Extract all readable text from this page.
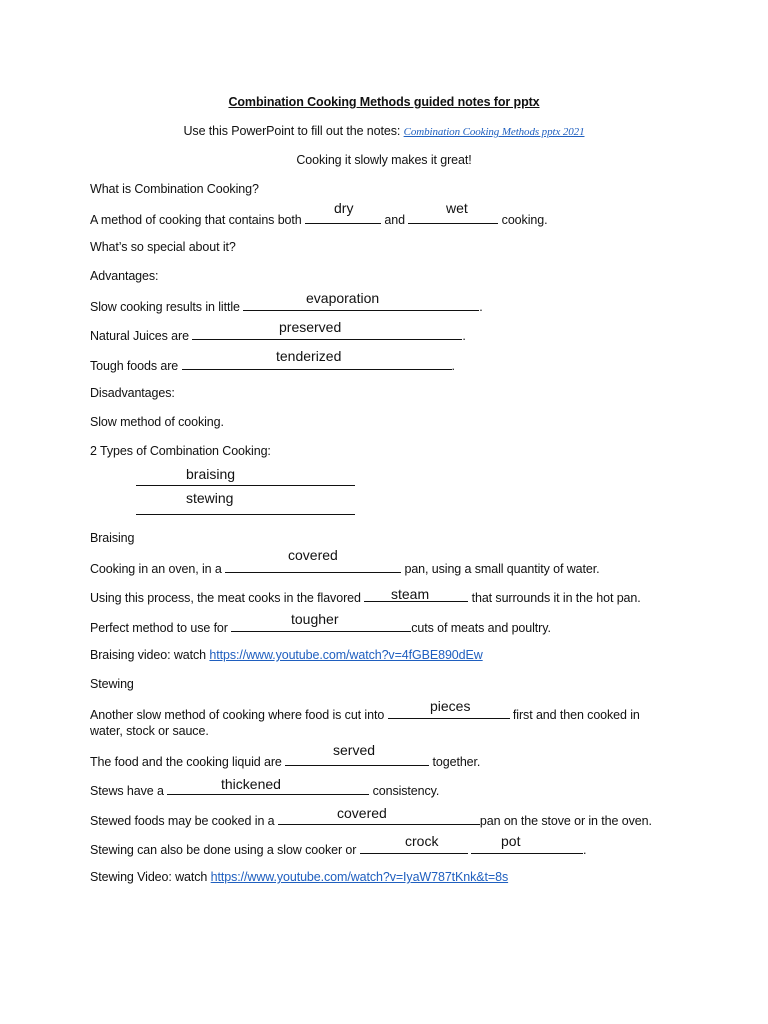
Combination Cooking Methods guided notes for pptx
Use this PowerPoint to fill out the notes: Combination Cooking Methods pptx 2021
Cooking it slowly makes it great!
What is Combination Cooking?
A method of cooking that contains both	and	cooking.
dry	wet
What’s so special about it?
Advantages:
Slow cooking results in little	.
evaporation
Natural Juices are	.
preserved
Tough foods are	.
tenderized
Disadvantages:
Slow method of cooking.
2 Types of Combination Cooking:
braising
stewing
Braising
Cooking in an oven, in a	pan, using a small quantity of water.
covered
Using this process, the meat cooks in the flavored	that surrounds it in the hot pan.
steam
Perfect method to use for	cuts of meats and poultry.
tougher
Braising video: watch https://www.youtube.com/watch?v=4fGBE890dEw
Stewing
Another slow method of cooking where food is cut into	first and then cooked in
pieces
water, stock or sauce.
The food and the cooking liquid are	together.
served
Stews have a	consistency.
thickened
Stewed foods may be cooked in a	pan on the stove or in the oven.
covered
Stewing can also be done using a slow cooker or	.
crock	pot
Stewing Video: watch https://www.youtube.com/watch?v=IyaW787tKnk&t=8s
